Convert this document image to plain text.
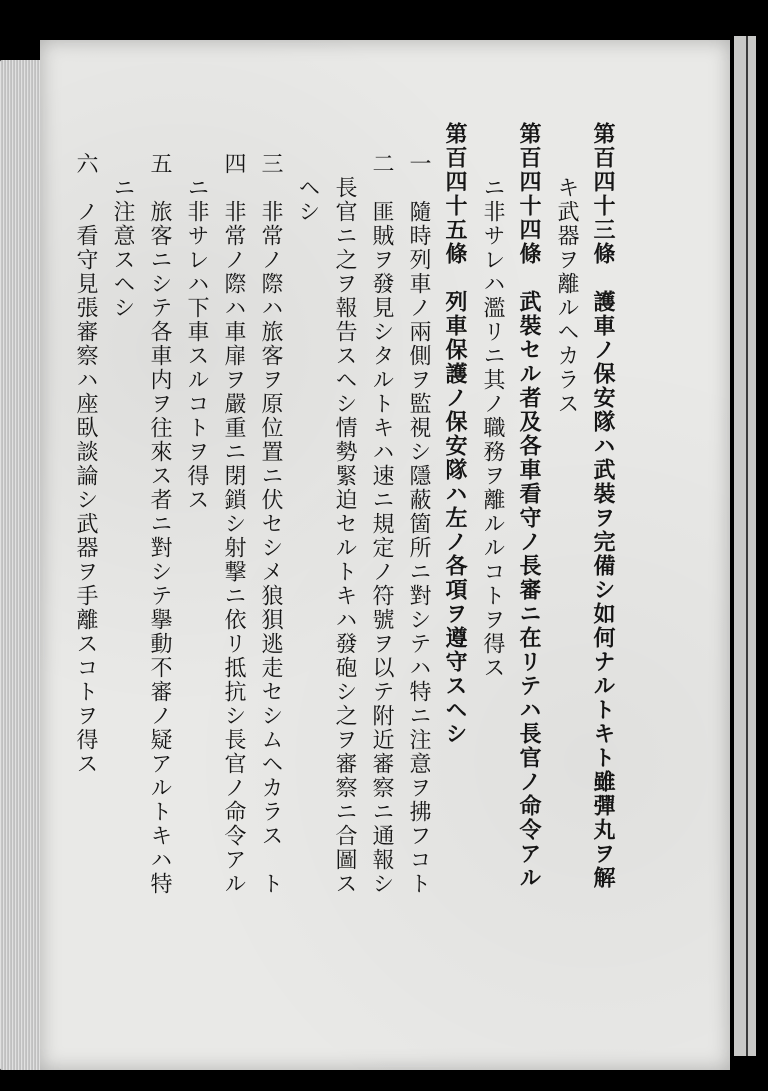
第百四十三條　護車ノ保安隊ハ武裝ヲ完備シ如何ナルトキト雖彈丸ヲ解
キ武器ヲ離ルヘカラス
第百四十四條　武裝セル者及各車看守ノ長審ニ在リテハ長官ノ命令アル
ニ非サレハ濫リニ其ノ職務ヲ離ルルコトヲ得ス
第百四十五條　列車保護ノ保安隊ハ左ノ各項ヲ遵守スヘシ
一　隨時列車ノ兩側ヲ監視シ隱蔽箇所ニ對シテハ特ニ注意ヲ拂フコト
二　匪賊ヲ發見シタルトキハ速ニ規定ノ符號ヲ以テ附近審察ニ通報シ
長官ニ之ヲ報告スヘシ情勢緊迫セルトキハ發砲シ之ヲ審察ニ合圖ス
ヘシ
三　非常ノ際ハ旅客ヲ原位置ニ伏セシメ狼狽逃走セシムヘカラス　ト
四　非常ノ際ハ車扉ヲ嚴重ニ閉鎖シ射撃ニ依リ抵抗シ長官ノ命令アル
ニ非サレハ下車スルコトヲ得ス
五　旅客ニシテ各車内ヲ往來ス者ニ對シテ擧動不審ノ疑アルトキハ特
ニ注意スヘシ
六　ノ看守見張審察ハ座臥談論シ武器ヲ手離スコトヲ得ス
